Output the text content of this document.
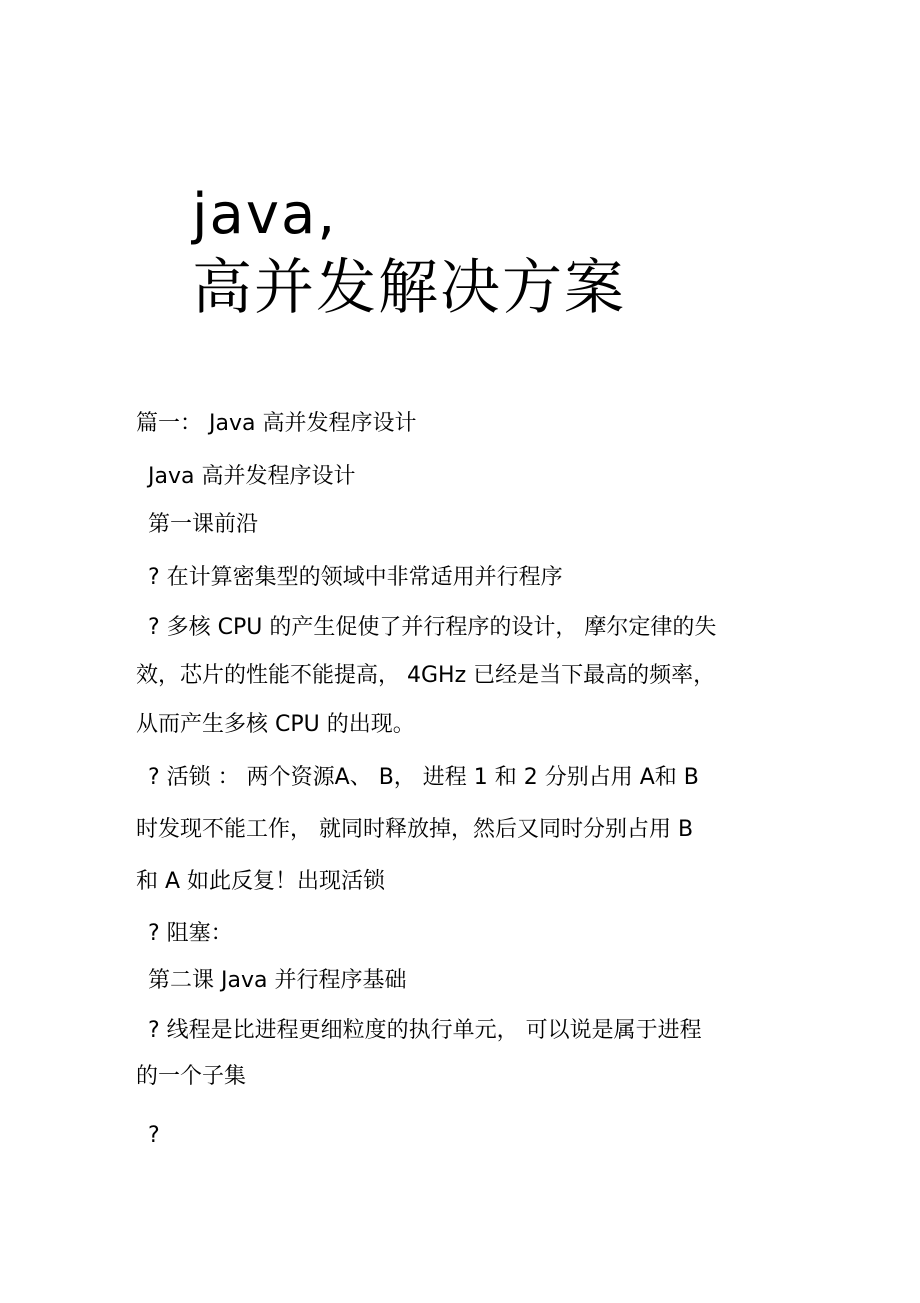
java,
高并发解决方案

篇一： Java 高并发程序设计

Java 高并发程序设计

第一课前沿

? 在计算密集型的领域中非常适用并行程序

? 多核 CPU 的产生促使了并行程序的设计， 摩尔定律的失

效，芯片的性能不能提高， 4GHz 已经是当下最高的频率，

从而产生多核 CPU 的出现。

? 活锁 ： 两个资源A、 B， 进程 1 和 2 分别占用 A和 B

时发现不能工作， 就同时释放掉，然后又同时分别占用 B

和 A 如此反复！出现活锁

? 阻塞：

第二课 Java 并行程序基础

? 线程是比进程更细粒度的执行单元， 可以说是属于进程

的一个子集

?
